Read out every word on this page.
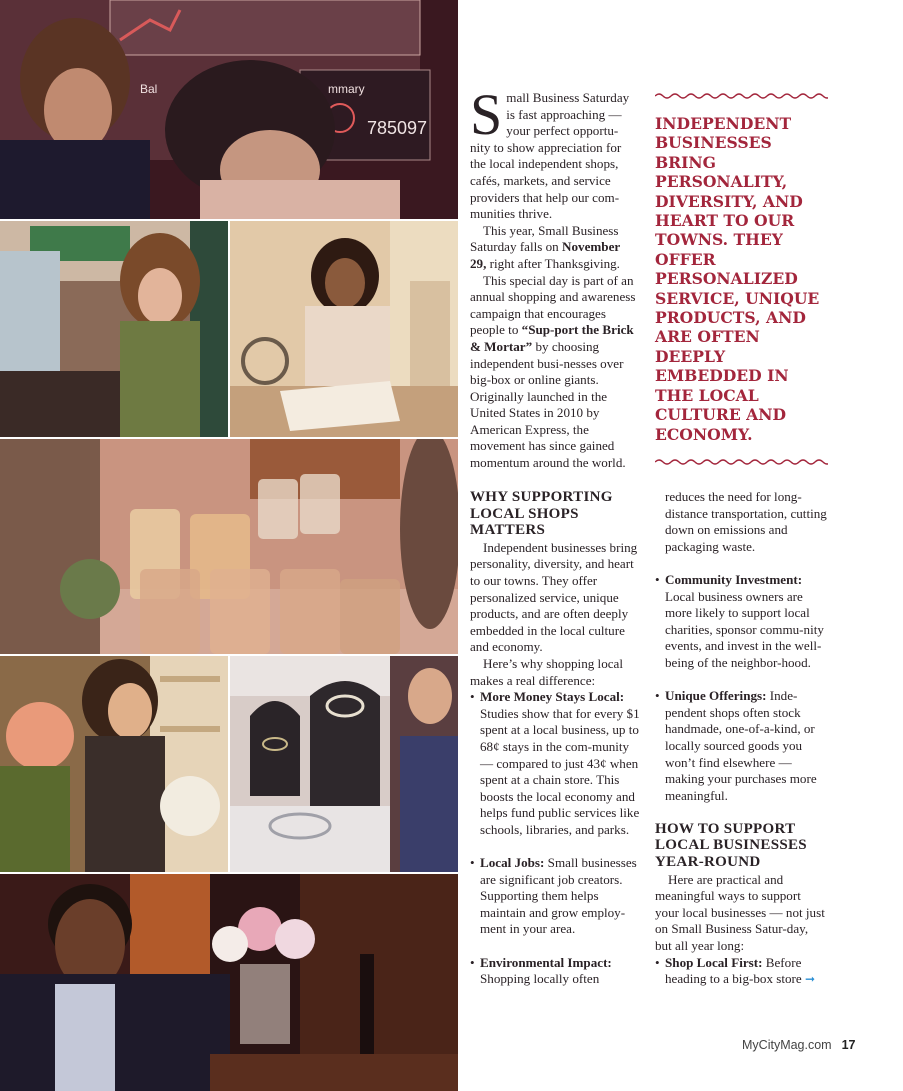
Bal	mmary
785097 Small Business Saturday is fast approaching — your perfect opportu-nity to show appreciation for the local independent shops, cafés, markets, and service providers that help our com-munities thrive.

This year, Small Business Saturday falls on November 29, right after Thanksgiving.

This special day is part of an annual shopping and awareness campaign that encourages people to “Sup-port the Brick & Mortar” by choosing independent busi-nesses over big-box or online giants. Originally launched in the United States in 2010 by American Express, the movement has since gained momentum around the world.

INDEPENDENT BUSINESSES BRING PERSONALITY, DIVERSITY, AND HEART TO OUR TOWNS. THEY OFFER PERSONALIZED SERVICE, UNIQUE PRODUCTS, AND ARE OFTEN DEEPLY EMBEDDED IN THE LOCAL CULTURE AND ECONOMY.
WHY SUPPORTING LOCAL SHOPS MATTERS

Independent businesses bring personality, diversity, and heart to our towns. They offer personalized service, unique products, and are often deeply embedded in the local culture and economy.

Here’s why shopping local makes a real difference:

• More Money Stays Local: Studies show that for every $1 spent at a local business, up to 68¢ stays in the com-munity — compared to just 43¢ when spent at a chain store. This boosts the local economy and helps fund public services like schools, libraries, and parks.
• Local Jobs: Small businesses are significant job creators. Supporting them helps maintain and grow employ-ment in your area.
• Environmental Impact: Shopping locally often

reduces the need for long-distance transportation, cutting down on emissions and packaging waste.

• Community Investment: Local business owners are more likely to support local charities, sponsor commu-nity events, and invest in the well-being of the neighbor-hood.
• Unique Offerings: Inde-pendent shops often stock handmade, one-of-a-kind, or locally sourced goods you won’t find elsewhere — making your purchases more meaningful.
HOW TO SUPPORT LOCAL BUSINESSES YEAR-ROUND

Here are practical and meaningful ways to support your local businesses — not just on Small Business Satur-day, but all year long:

• Shop Local First: Before heading to a big-box store ➞
MyCityMag.com 17
